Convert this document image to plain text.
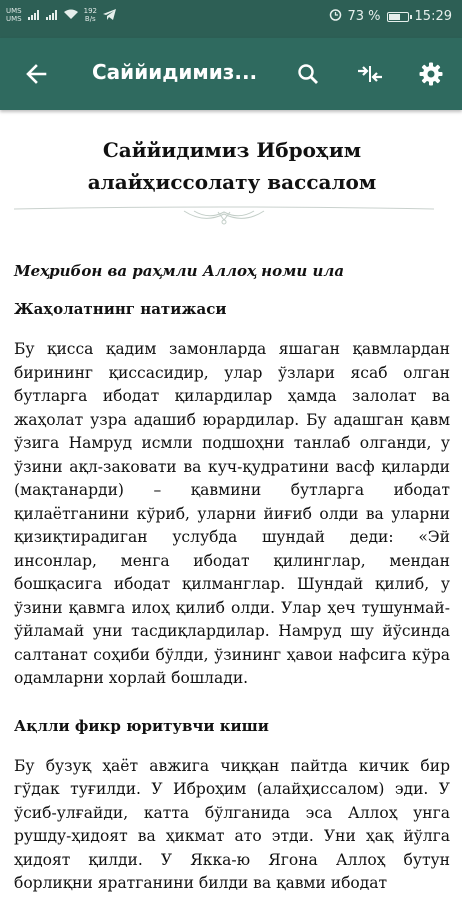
UMS
UMS
192
B/s	73 %	15:29
Саййидимиз...
Саййидимиз Иброҳим алайҳиссолату вассалом
Меҳрибон ва раҳмли Аллоҳ номи ила
Жаҳолатнинг натижаси
Бу қисса қадим замонларда яшаган қавмлардан бирининг қиссасидир, улар ўзлари ясаб олган бутларга ибодат қилардилар ҳамда залолат ва жаҳолат узра адашиб юрардилар. Бу адашган қавм ўзига Намруд исмли подшоҳни танлаб олганди, у ўзини ақл-заковати ва куч-қудратини васф қиларди (мақтанарди) – қавмини бутларга ибодат қилаётганини кўриб, уларни йиғиб олди ва уларни қизиқтирадиган услубда шундай деди: «Эй инсонлар, менга ибодат қилинглар, мендан бошқасига ибодат қилманглар. Шундай қилиб, у ўзини қавмга илоҳ қилиб олди. Улар ҳеч тушунмай-ўйламай уни тасдиқлардилар. Намруд шу йўсинда салтанат соҳиби бўлди, ўзининг ҳавои нафсига кўра одамларни хорлай бошлади.
Ақлли фикр юритувчи киши
Бу бузуқ ҳаёт авжига чиққан пайтда кичик бир гўдак туғилди. У Иброҳим (алайҳиссалом) эди. У ўсиб-улғайди, катта бўлганида эса Аллоҳ унга рушду-ҳидоят ва ҳикмат ато этди. Уни ҳақ йўлга ҳидоят қилди. У Якка-ю Ягона Аллоҳ бутун борлиқни яратганини билди ва қавми ибодат
